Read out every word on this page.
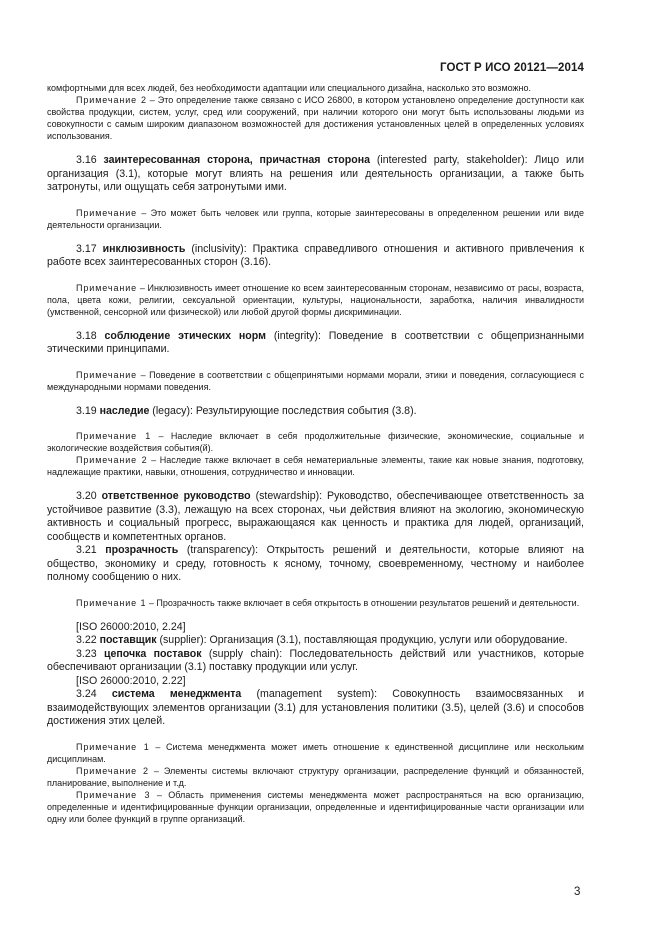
ГОСТ Р ИСО 20121—2014

комфортными для всех людей, без необходимости адаптации или специального дизайна, насколько это возможно.

Примечание 2 – Это определение также связано с ИСО 26800, в котором установлено определение доступности как свойства продукции, систем, услуг, сред или сооружений, при наличии которого они могут быть использованы людьми из совокупности с самым широким диапазоном возможностей для достижения установленных целей в определенных условиях использования.

3.16 заинтересованная сторона, причастная сторона (interested party, stakeholder): Лицо или организация (3.1), которые могут влиять на решения или деятельность организации, а также быть затронуты, или ощущать себя затронутыми ими.

Примечание – Это может быть человек или группа, которые заинтересованы в определенном решении или виде деятельности организации.

3.17 инклюзивность (inclusivity): Практика справедливого отношения и активного привлечения к работе всех заинтересованных сторон (3.16).

Примечание – Инклюзивность имеет отношение ко всем заинтересованным сторонам, независимо от расы, возраста, пола, цвета кожи, религии, сексуальной ориентации, культуры, национальности, заработка, наличия инвалидности (умственной, сенсорной или физической) или любой другой формы дискриминации.

3.18 соблюдение этических норм (integrity): Поведение в соответствии с общепризнанными этическими принципами.

Примечание – Поведение в соответствии с общепринятыми нормами морали, этики и поведения, согласующиеся с международными нормами поведения.

3.19 наследие (legacy): Результирующие последствия события (3.8).

Примечание 1 – Наследие включает в себя продолжительные физические, экономические, социальные и экологические воздействия события(й).

Примечание 2 – Наследие также включает в себя нематериальные элементы, такие как новые знания, подготовку, надлежащие практики, навыки, отношения, сотрудничество и инновации.

3.20 ответственное руководство (stewardship): Руководство, обеспечивающее ответственность за устойчивое развитие (3.3), лежащую на всех сторонах, чьи действия влияют на экологию, экономическую активность и социальный прогресс, выражающаяся как ценность и практика для людей, организаций, сообществ и компетентных органов.

3.21 прозрачность (transparency): Открытость решений и деятельности, которые влияют на общество, экономику и среду, готовность к ясному, точному, своевременному, честному и наиболее полному сообщению о них.

Примечание 1 – Прозрачность также включает в себя открытость в отношении результатов решений и деятельности.

[ISO 26000:2010, 2.24]

3.22 поставщик (supplier): Организация (3.1), поставляющая продукцию, услуги или оборудование.

3.23 цепочка поставок (supply chain): Последовательность действий или участников, которые обеспечивают организации (3.1) поставку продукции или услуг.

[ISO 26000:2010, 2.22]

3.24 система менеджмента (management system): Совокупность взаимосвязанных и взаимодействующих элементов организации (3.1) для установления политики (3.5), целей (3.6) и способов достижения этих целей.

Примечание 1 – Система менеджмента может иметь отношение к единственной дисциплине или нескольким дисциплинам.

Примечание 2 – Элементы системы включают структуру организации, распределение функций и обязанностей, планирование, выполнение и т.д.

Примечание 3 – Область применения системы менеджмента может распространяться на всю организацию, определенные и идентифицированные функции организации, определенные и идентифицированные части организации или одну или более функций в группе организаций.

3
